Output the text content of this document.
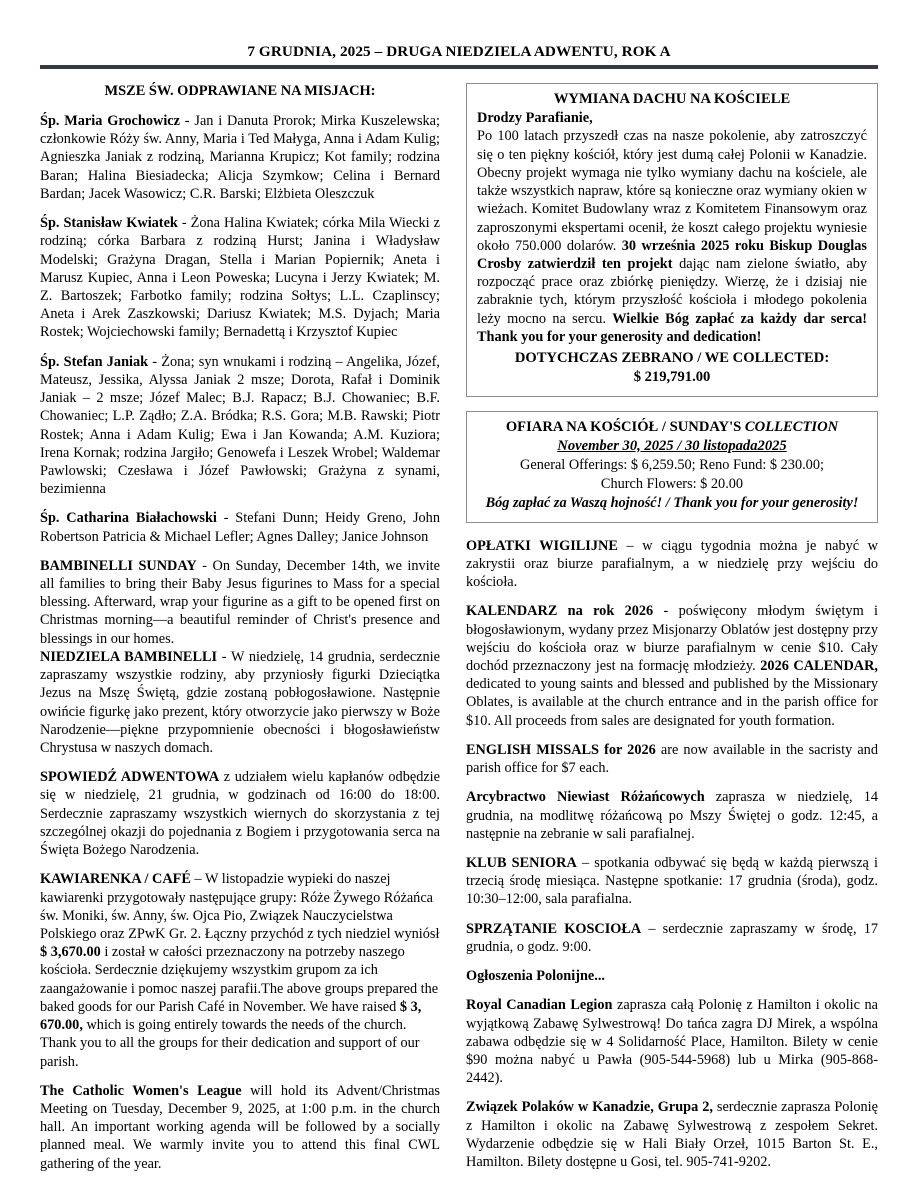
7 GRUDNIA, 2025 – DRUGA NIEDZIELA ADWENTU, ROK A
MSZE ŚW. ODPRAWIANE NA MISJACH:

Śp. Maria Grochowicz - Jan i Danuta Prorok; Mirka Kuszelewska; członkowie Róży św. Anny, Maria i Ted Małyga, Anna i Adam Kulig; Agnieszka Janiak z rodziną, Marianna Krupicz; Kot family; rodzina Baran; Halina Biesiadecka; Alicja Szymkow; Celina i Bernard Bardan; Jacek Wasowicz; C.R. Barski; Elżbieta Oleszczuk

Śp. Stanisław Kwiatek - Żona Halina Kwiatek; córka Mila Wiecki z rodziną; córka Barbara z rodziną Hurst; Janina i Władysław Modelski; Grażyna Dragan, Stella i Marian Popiernik; Aneta i Marusz Kupiec, Anna i Leon Poweska; Lucyna i Jerzy Kwiatek; M. Z. Bartoszek; Farbotko family; rodzina Sołtys; L.L. Czaplinscy; Aneta i Arek Zaszkowski; Dariusz Kwiatek; M.S. Dyjach; Maria Rostek; Wojciechowski family; Bernadettą i Krzysztof Kupiec

Śp. Stefan Janiak - Żona; syn wnukami i rodziną – Angelika, Józef, Mateusz, Jessika, Alyssa Janiak 2 msze; Dorota, Rafał i Dominik Janiak – 2 msze; Józef Malec; B.J. Rapacz; B.J. Chowaniec; B.F. Chowaniec; L.P. Ządło; Z.A. Bródka; R.S. Gora; M.B. Rawski; Piotr Rostek; Anna i Adam Kulig; Ewa i Jan Kowanda; A.M. Kuziora; Irena Kornak; rodzina Jargiło; Genowefa i Leszek Wrobel; Waldemar Pawlowski; Czesława i Józef Pawłowski; Grażyna z synami, bezimienna

Śp. Catharina Białachowski - Stefani Dunn; Heidy Greno, John Robertson Patricia & Michael Lefler; Agnes Dalley; Janice Johnson

BAMBINELLI SUNDAY - On Sunday, December 14th, we invite all families to bring their Baby Jesus figurines to Mass for a special blessing. Afterward, wrap your figurine as a gift to be opened first on Christmas morning—a beautiful reminder of Christ's presence and blessings in our homes.

NIEDZIELA BAMBINELLI - W niedzielę, 14 grudnia, serdecznie zapraszamy wszystkie rodziny, aby przyniosły figurki Dzieciątka Jezus na Mszę Świętą, gdzie zostaną pobłogosławione. Następnie owińcie figurkę jako prezent, który otworzycie jako pierwszy w Boże Narodzenie—piękne przypomnienie obecności i błogosławieństw Chrystusa w naszych domach.

SPOWIEDŹ ADWENTOWA z udziałem wielu kapłanów odbędzie się w niedzielę, 21 grudnia, w godzinach od 16:00 do 18:00. Serdecznie zapraszamy wszystkich wiernych do skorzystania z tej szczególnej okazji do pojednania z Bogiem i przygotowania serca na Święta Bożego Narodzenia.

KAWIARENKA / CAFÉ – W listopadzie wypieki do naszej kawiarenki przygotowały następujące grupy: Róże Żywego Różańca św. Moniki, św. Anny, św. Ojca Pio, Związek Nauczycielstwa Polskiego oraz ZPwK Gr. 2. Łączny przychód z tych niedziel wyniósł $ 3,670.00 i został w całości przeznaczony na potrzeby naszego kościoła. Serdecznie dziękujemy wszystkim grupom za ich zaangażowanie i pomoc naszej parafii.The above groups prepared the baked goods for our Parish Café in November. We have raised $ 3, 670.00, which is going entirely towards the needs of the church. Thank you to all the groups for their dedication and support of our parish.

The Catholic Women's League will hold its Advent/Christmas Meeting on Tuesday, December 9, 2025, at 1:00 p.m. in the church hall. An important working agenda will be followed by a socially planned meal. We warmly invite you to attend this final CWL gathering of the year.

WYMIANA DACHU NA KOŚCIELE

Drodzy Parafianie,

Po 100 latach przyszedł czas na nasze pokolenie, aby zatroszczyć się o ten piękny kościół, który jest dumą całej Polonii w Kanadzie. Obecny projekt wymaga nie tylko wymiany dachu na kościele, ale także wszystkich napraw, które są konieczne oraz wymiany okien w wieżach. Komitet Budowlany wraz z Komitetem Finansowym oraz zaproszonymi ekspertami ocenił, że koszt całego projektu wyniesie około 750.000 dolarów. 30 września 2025 roku Biskup Douglas Crosby zatwierdził ten projekt dając nam zielone światło, aby rozpocząć prace oraz zbiórkę pieniędzy. Wierzę, że i dzisiaj nie zabraknie tych, którym przyszłość kościoła i młodego pokolenia leży mocno na sercu. Wielkie Bóg zapłać za każdy dar serca! Thank you for your generosity and dedication!

DOTYCHCZAS ZEBRANO / WE COLLECTED:
$ 219,791.00
OFIARA NA KOŚCIÓŁ / SUNDAY'S COLLECTION
November 30, 2025 / 30 listopada2025

General Offerings: $ 6,259.50; Reno Fund: $ 230.00;

Church Flowers: $ 20.00

Bóg zapłać za Waszą hojność! / Thank you for your generosity!

OPŁATKI WIGILIJNE – w ciągu tygodnia można je nabyć w zakrystii oraz biurze parafialnym, a w niedzielę przy wejściu do kościoła.

KALENDARZ na rok 2026 - poświęcony młodym świętym i błogosławionym, wydany przez Misjonarzy Oblatów jest dostępny przy wejściu do kościoła oraz w biurze parafialnym w cenie $10. Cały dochód przeznaczony jest na formację młodzieży. 2026 CALENDAR, dedicated to young saints and blessed and published by the Missionary Oblates, is available at the church entrance and in the parish office for $10. All proceeds from sales are designated for youth formation.

ENGLISH MISSALS for 2026 are now available in the sacristy and parish office for $7 each.

Arcybractwo Niewiast Różańcowych zaprasza w niedzielę, 14 grudnia, na modlitwę różańcową po Mszy Świętej o godz. 12:45, a następnie na zebranie w sali parafialnej.

KLUB SENIORA – spotkania odbywać się będą w każdą pierwszą i trzecią środę miesiąca. Następne spotkanie: 17 grudnia (środa), godz. 10:30–12:00, sala parafialna.

SPRZĄTANIE KOSCIOŁA – serdecznie zapraszamy w środę, 17 grudnia, o godz. 9:00.

Ogłoszenia Polonijne...

Royal Canadian Legion zaprasza całą Polonię z Hamilton i okolic na wyjątkową Zabawę Sylwestrową! Do tańca zagra DJ Mirek, a wspólna zabawa odbędzie się w 4 Solidarność Place, Hamilton. Bilety w cenie $90 można nabyć u Pawła (905-544-5968) lub u Mirka (905-868-2442).

Związek Polaków w Kanadzie, Grupa 2, serdecznie zaprasza Polonię z Hamilton i okolic na Zabawę Sylwestrową z zespołem Sekret. Wydarzenie odbędzie się w Hali Biały Orzeł, 1015 Barton St. E., Hamilton. Bilety dostępne u Gosi, tel. 905-741-9202.
